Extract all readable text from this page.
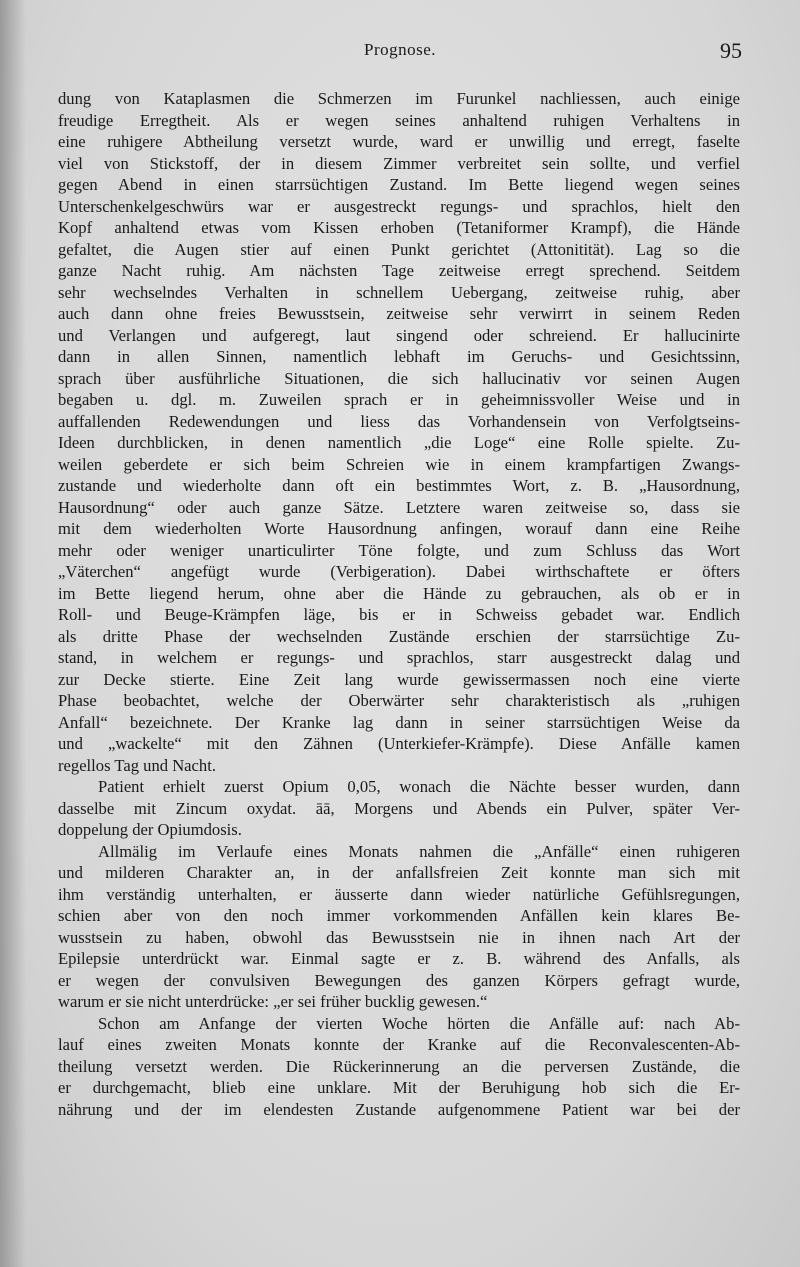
Prognose.	95
dung von Kataplasmen die Schmerzen im Furunkel nachliessen, auch einige
freudige Erregtheit. Als er wegen seines anhaltend ruhigen Verhaltens in
eine ruhigere Abtheilung versetzt wurde, ward er unwillig und erregt, faselte
viel von Stickstoff, der in diesem Zimmer verbreitet sein sollte, und verfiel
gegen Abend in einen starrsüchtigen Zustand. Im Bette liegend wegen seines
Unterschenkelgeschwürs war er ausgestreckt regungs- und sprachlos, hielt den
Kopf anhaltend etwas vom Kissen erhoben (Tetaniformer Krampf), die Hände
gefaltet, die Augen stier auf einen Punkt gerichtet (Attonitität). Lag so die
ganze Nacht ruhig. Am nächsten Tage zeitweise erregt sprechend. Seitdem
sehr wechselndes Verhalten in schnellem Uebergang, zeitweise ruhig, aber
auch dann ohne freies Bewusstsein, zeitweise sehr verwirrt in seinem Reden
und Verlangen und aufgeregt, laut singend oder schreiend. Er hallucinirte
dann in allen Sinnen, namentlich lebhaft im Geruchs- und Gesichtssinn,
sprach über ausführliche Situationen, die sich hallucinativ vor seinen Augen
begaben u. dgl. m. Zuweilen sprach er in geheimnissvoller Weise und in
auffallenden Redewendungen und liess das Vorhandensein von Verfolgtseins-
Ideen durchblicken, in denen namentlich „die Loge“ eine Rolle spielte. Zu-
weilen geberdete er sich beim Schreien wie in einem krampfartigen Zwangs-
zustande und wiederholte dann oft ein bestimmtes Wort, z. B. „Hausordnung,
Hausordnung“ oder auch ganze Sätze. Letztere waren zeitweise so, dass sie
mit dem wiederholten Worte Hausordnung anfingen, worauf dann eine Reihe
mehr oder weniger unarticulirter Töne folgte, und zum Schluss das Wort
„Väterchen“ angefügt wurde (Verbigeration). Dabei wirthschaftete er öfters
im Bette liegend herum, ohne aber die Hände zu gebrauchen, als ob er in
Roll- und Beuge-Krämpfen läge, bis er in Schweiss gebadet war. Endlich
als dritte Phase der wechselnden Zustände erschien der starrsüchtige Zu-
stand, in welchem er regungs- und sprachlos, starr ausgestreckt dalag und
zur Decke stierte. Eine Zeit lang wurde gewissermassen noch eine vierte
Phase beobachtet, welche der Oberwärter sehr charakteristisch als „ruhigen
Anfall“ bezeichnete. Der Kranke lag dann in seiner starrsüchtigen Weise da
und „wackelte“ mit den Zähnen (Unterkiefer-Krämpfe). Diese Anfälle kamen
regellos Tag und Nacht.
Patient erhielt zuerst Opium 0,05, wonach die Nächte besser wurden, dann
dasselbe mit Zincum oxydat. āā, Morgens und Abends ein Pulver, später Ver-
doppelung der Opiumdosis.
Allmälig im Verlaufe eines Monats nahmen die „Anfälle“ einen ruhigeren
und milderen Charakter an, in der anfallsfreien Zeit konnte man sich mit
ihm verständig unterhalten, er äusserte dann wieder natürliche Gefühlsregungen,
schien aber von den noch immer vorkommenden Anfällen kein klares Be-
wusstsein zu haben, obwohl das Bewusstsein nie in ihnen nach Art der
Epilepsie unterdrückt war. Einmal sagte er z. B. während des Anfalls, als
er wegen der convulsiven Bewegungen des ganzen Körpers gefragt wurde,
warum er sie nicht unterdrücke: „er sei früher bucklig gewesen.“
Schon am Anfange der vierten Woche hörten die Anfälle auf: nach Ab-
lauf eines zweiten Monats konnte der Kranke auf die Reconvalescenten-Ab-
theilung versetzt werden. Die Rückerinnerung an die perversen Zustände, die
er durchgemacht, blieb eine unklare. Mit der Beruhigung hob sich die Er-
nährung und der im elendesten Zustande aufgenommene Patient war bei der
